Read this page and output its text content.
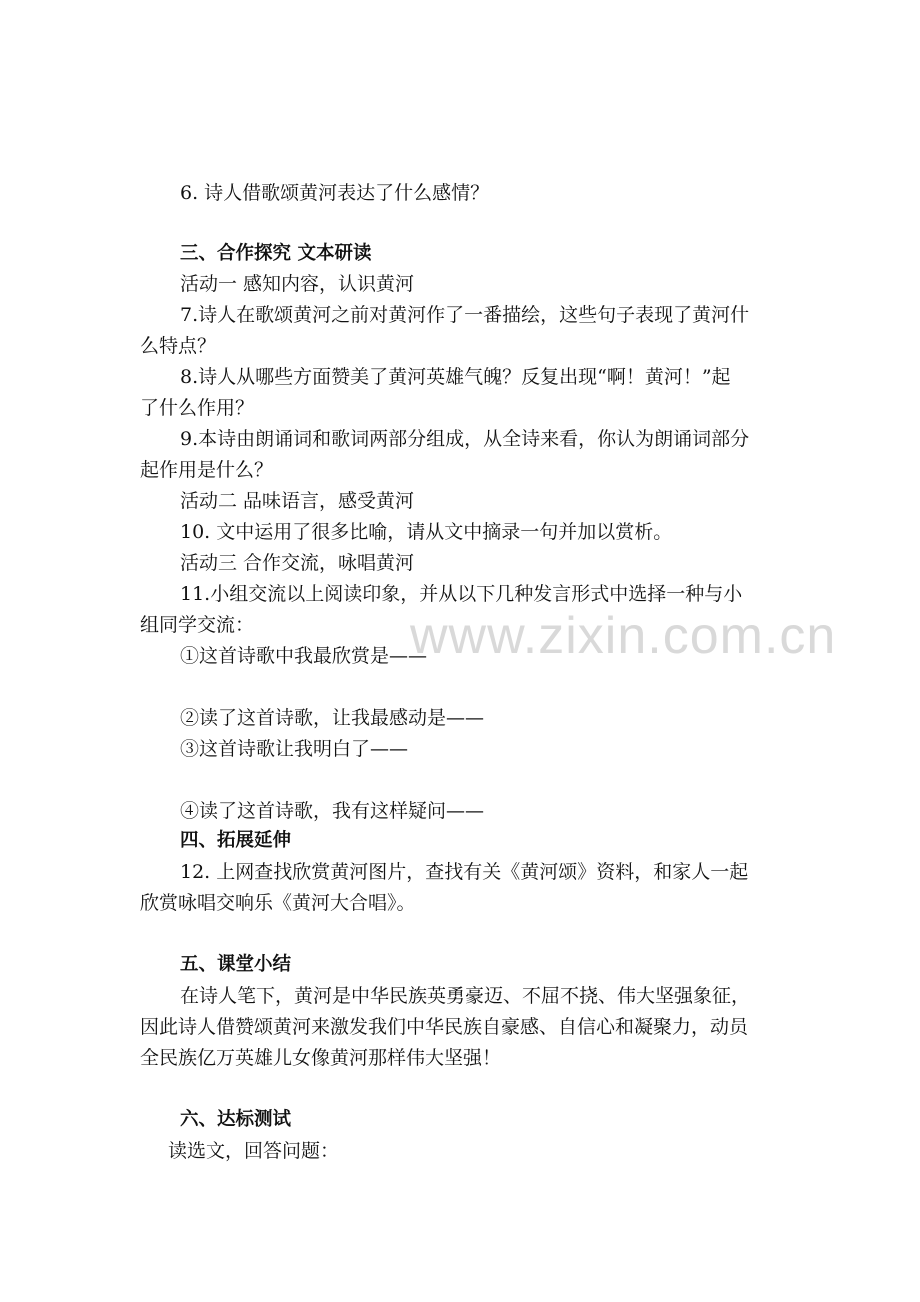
www.zixin.com.cn
6. 诗人借歌颂黄河表达了什么感情？
三、合作探究 文本研读
活动一 感知内容，认识黄河
7.诗人在歌颂黄河之前对黄河作了一番描绘，这些句子表现了黄河什
么特点？
8.诗人从哪些方面赞美了黄河英雄气魄？反复出现“啊！黄河！”起
了什么作用？
9.本诗由朗诵词和歌词两部分组成，从全诗来看，你认为朗诵词部分
起作用是什么？
活动二 品味语言，感受黄河
10. 文中运用了很多比喻，请从文中摘录一句并加以赏析。
活动三 合作交流，咏唱黄河
11.小组交流以上阅读印象，并从以下几种发言形式中选择一种与小
组同学交流：
①这首诗歌中我最欣赏是——
②读了这首诗歌，让我最感动是——
③这首诗歌让我明白了——
④读了这首诗歌，我有这样疑问——
四、拓展延伸
12. 上网查找欣赏黄河图片，查找有关《黄河颂》资料，和家人一起
欣赏咏唱交响乐《黄河大合唱》。
五、课堂小结
在诗人笔下，黄河是中华民族英勇豪迈、不屈不挠、伟大坚强象征，
因此诗人借赞颂黄河来激发我们中华民族自豪感、自信心和凝聚力，动员
全民族亿万英雄儿女像黄河那样伟大坚强！
六、达标测试
读选文，回答问题：
